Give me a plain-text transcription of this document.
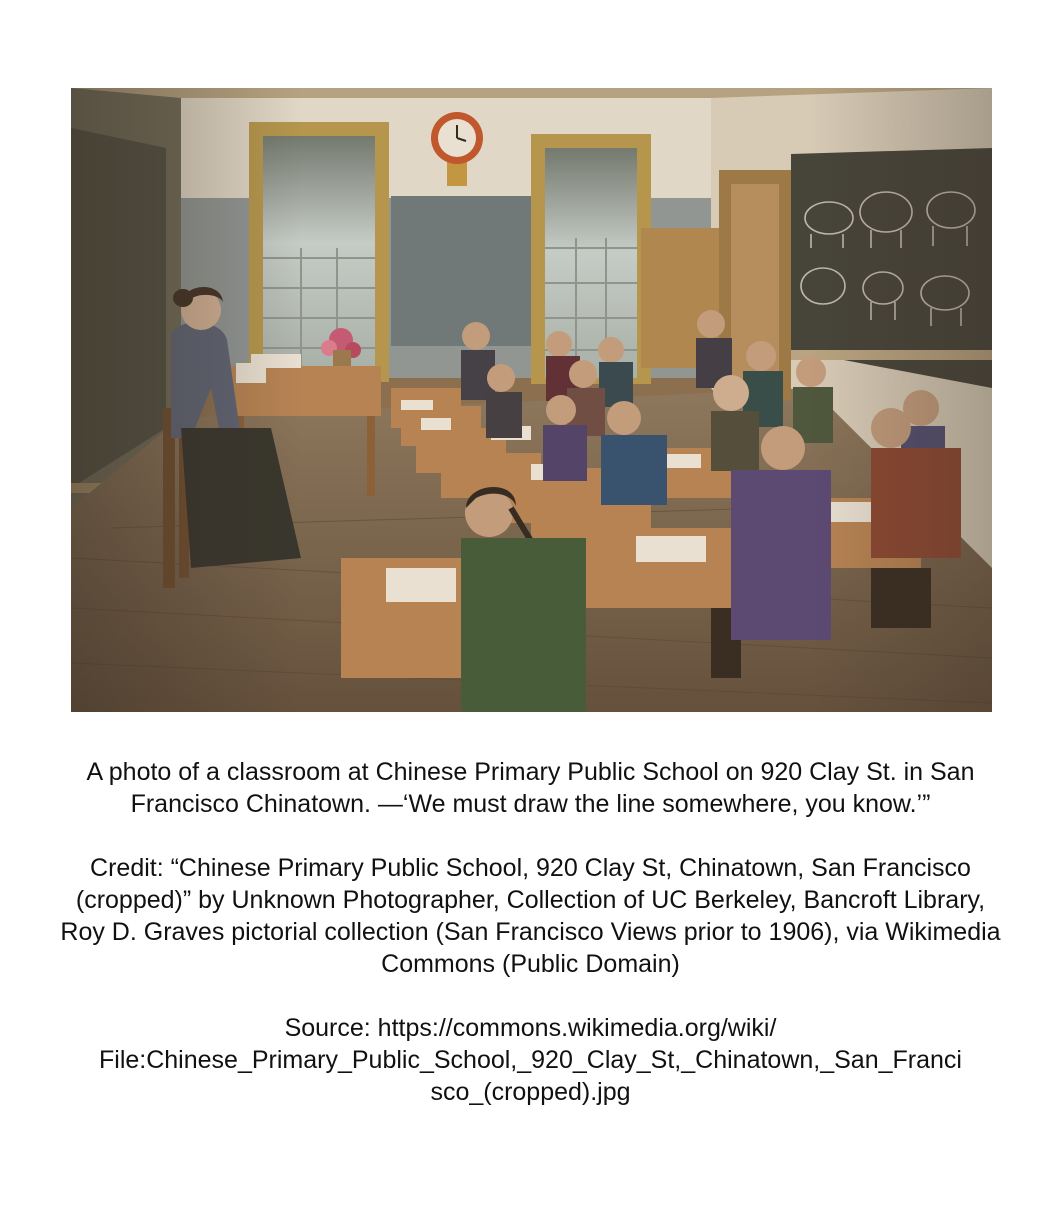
A photo of a classroom at Chinese Primary Public School on 920 Clay St. in San Francisco Chinatown. —‘We must draw the line somewhere, you know.’”

Credit: “Chinese Primary Public School, 920 Clay St, Chinatown, San Francisco (cropped)” by Unknown Photographer, Collection of UC Berkeley, Bancroft Library, Roy D. Graves pictorial collection (San Francisco Views prior to 1906), via Wikimedia Commons (Public Domain)

Source: https://commons.wikimedia.org/wiki/
File:Chinese_Primary_Public_School,_920_Clay_St,_Chinatown,_San_Franci
sco_(cropped).jpg
